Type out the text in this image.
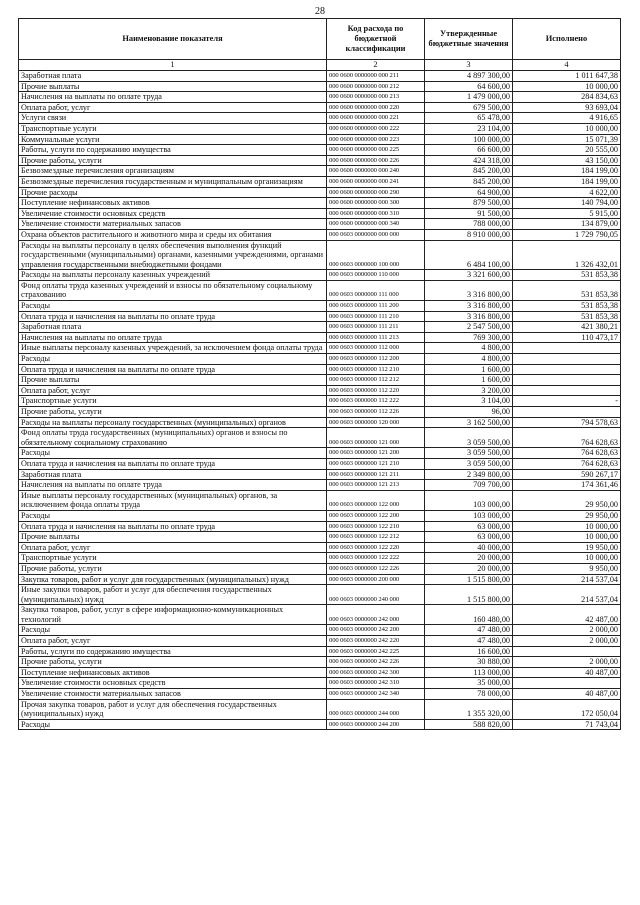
28
Наименование показателя	Код расхода по бюджетной классификации	Утвержденные бюджетные значения	Исполнено
1	2	3	4
Заработная плата	000 0600 0000000 000 211	4 897 300,00	1 011 647,38
Прочие выплаты	000 0600 0000000 000 212	64 600,00	10 000,00
Начисления на выплаты по оплате труда	000 0600 0000000 000 213	1 479 000,00	284 834,63
Оплата работ, услуг	000 0600 0000000 000 220	679 500,00	93 693,04
Услуги связи	000 0600 0000000 000 221	65 478,00	4 916,65
Транспортные услуги	000 0600 0000000 000 222	23 104,00	10 000,00
Коммунальные услуги	000 0600 0000000 000 223	100 000,00	15 071,39
Работы, услуги по содержанию имущества	000 0600 0000000 000 225	66 600,00	20 555,00
Прочие работы, услуги	000 0600 0000000 000 226	424 318,00	43 150,00
Безвозмездные перечисления организациям	000 0600 0000000 000 240	845 200,00	184 199,00
Безвозмездные перечисления государственным и муниципальным организациям	000 0600 0000000 000 241	845 200,00	184 199,00
Прочие расходы	000 0600 0000000 000 290	64 900,00	4 622,00
Поступление нефинансовых активов	000 0600 0000000 000 300	879 500,00	140 794,00
Увеличение стоимости основных средств	000 0600 0000000 000 310	91 500,00	5 915,00
Увеличение стоимости материальных запасов	000 0600 0000000 000 340	788 000,00	134 879,00
Охрана объектов растительного и животного мира и среды их обитания	000 0603 0000000 000 000	8 910 000,00	1 729 790,05
Расходы на выплаты персоналу в целях обеспечения выполнения функций государственными (муниципальными) органами, казенными учреждениями, органами управления государственными внебюджетными фондами	000 0603 0000000 100 000	6 484 100,00	1 326 432,01
Расходы на выплаты персоналу казенных учреждений	000 0603 0000000 110 000	3 321 600,00	531 853,38
Фонд оплаты труда казенных учреждений и взносы по обязательному социальному страхованию	000 0603 0000000 111 000	3 316 800,00	531 853,38
Расходы	000 0603 0000000 111 200	3 316 800,00	531 853,38
Оплата труда и начисления на выплаты по оплате труда	000 0603 0000000 111 210	3 316 800,00	531 853,38
Заработная плата	000 0603 0000000 111 211	2 547 500,00	421 380,21
Начисления на выплаты по оплате труда	000 0603 0000000 111 213	769 300,00	110 473,17
Иные выплаты персоналу казенных учреждений, за исключением фонда оплаты труда	000 0603 0000000 112 000	4 800,00	
Расходы	000 0603 0000000 112 200	4 800,00	
Оплата труда и начисления на выплаты по оплате труда	000 0603 0000000 112 210	1 600,00	
Прочие выплаты	000 0603 0000000 112 212	1 600,00	
Оплата работ, услуг	000 0603 0000000 112 220	3 200,00	
Транспортные услуги	000 0603 0000000 112 222	3 104,00	-
Прочие работы, услуги	000 0603 0000000 112 226	96,00	
Расходы на выплаты персоналу государственных (муниципальных) органов	000 0603 0000000 120 000	3 162 500,00	794 578,63
Фонд оплаты труда государственных (муниципальных) органов и взносы по обязательному социальному страхованию	000 0603 0000000 121 000	3 059 500,00	764 628,63
Расходы	000 0603 0000000 121 200	3 059 500,00	764 628,63
Оплата труда и начисления на выплаты по оплате труда	000 0603 0000000 121 210	3 059 500,00	764 628,63
Заработная плата	000 0603 0000000 121 211	2 349 800,00	590 267,17
Начисления на выплаты по оплате труда	000 0603 0000000 121 213	709 700,00	174 361,46
Иные выплаты персоналу государственных (муниципальных) органов, за исключением фонда оплаты труда	000 0603 0000000 122 000	103 000,00	29 950,00
Расходы	000 0603 0000000 122 200	103 000,00	29 950,00
Оплата труда и начисления на выплаты по оплате труда	000 0603 0000000 122 210	63 000,00	10 000,00
Прочие выплаты	000 0603 0000000 122 212	63 000,00	10 000,00
Оплата работ, услуг	000 0603 0000000 122 220	40 000,00	19 950,00
Транспортные услуги	000 0603 0000000 122 222	20 000,00	10 000,00
Прочие работы, услуги	000 0603 0000000 122 226	20 000,00	9 950,00
Закупка товаров, работ и услуг для государственных (муниципальных) нужд	000 0603 0000000 200 000	1 515 800,00	214 537,04
Иные закупки товаров, работ и услуг для обеспечения государственных (муниципальных) нужд	000 0603 0000000 240 000	1 515 800,00	214 537,04
Закупка товаров, работ, услуг в сфере информационно-коммуникационных технологий	000 0603 0000000 242 000	160 480,00	42 487,00
Расходы	000 0603 0000000 242 200	47 480,00	2 000,00
Оплата работ, услуг	000 0603 0000000 242 220	47 480,00	2 000,00
Работы, услуги по содержанию имущества	000 0603 0000000 242 225	16 600,00	
Прочие работы, услуги	000 0603 0000000 242 226	30 880,00	2 000,00
Поступление нефинансовых активов	000 0603 0000000 242 300	113 000,00	40 487,00
Увеличение стоимости основных средств	000 0603 0000000 242 310	35 000,00	
Увеличение стоимости материальных запасов	000 0603 0000000 242 340	78 000,00	40 487,00
Прочая закупка товаров, работ и услуг для обеспечения государственных (муниципальных) нужд	000 0603 0000000 244 000	1 355 320,00	172 050,04
Расходы	000 0603 0000000 244 200	588 820,00	71 743,04
